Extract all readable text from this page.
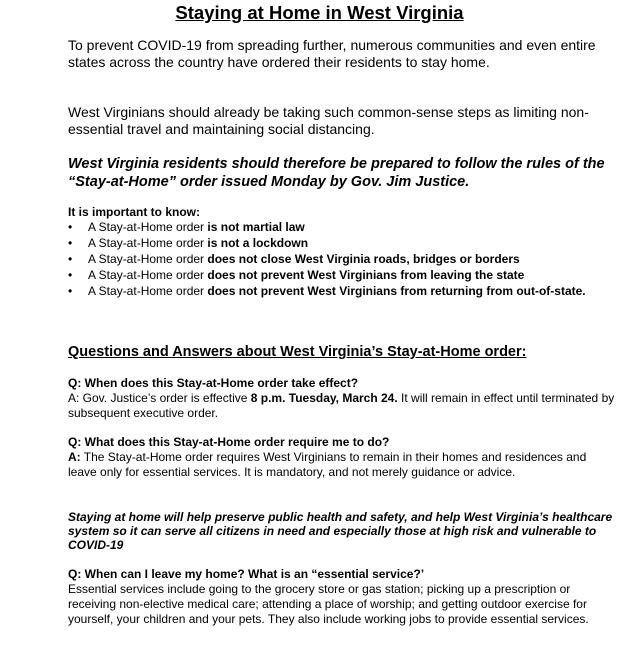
Staying at Home in West Virginia
To prevent COVID-19 from spreading further, numerous communities and even entire states across the country have ordered their residents to stay home.
West Virginians should already be taking such common-sense steps as limiting non-essential travel and maintaining social distancing.
West Virginia residents should therefore be prepared to follow the rules of the “Stay-at-Home” order issued Monday by Gov. Jim Justice.
It is important to know:
• A Stay-at-Home order is not martial law
• A Stay-at-Home order is not a lockdown
• A Stay-at-Home order does not close West Virginia roads, bridges or borders
• A Stay-at-Home order does not prevent West Virginians from leaving the state
• A Stay-at-Home order does not prevent West Virginians from returning from out-of-state.
Questions and Answers about West Virginia’s Stay-at-Home order:
Q: When does this Stay-at-Home order take effect?
A: Gov. Justice’s order is effective 8 p.m. Tuesday, March 24. It will remain in effect until terminated by subsequent executive order.
Q: What does this Stay-at-Home order require me to do?
A: The Stay-at-Home order requires West Virginians to remain in their homes and residences and leave only for essential services. It is mandatory, and not merely guidance or advice.
Staying at home will help preserve public health and safety, and help West Virginia’s healthcare system so it can serve all citizens in need and especially those at high risk and vulnerable to COVID-19
Q: When can I leave my home? What is an “essential service?’
Essential services include going to the grocery store or gas station; picking up a prescription or receiving non-elective medical care; attending a place of worship; and getting outdoor exercise for yourself, your children and your pets. They also include working jobs to provide essential services.
